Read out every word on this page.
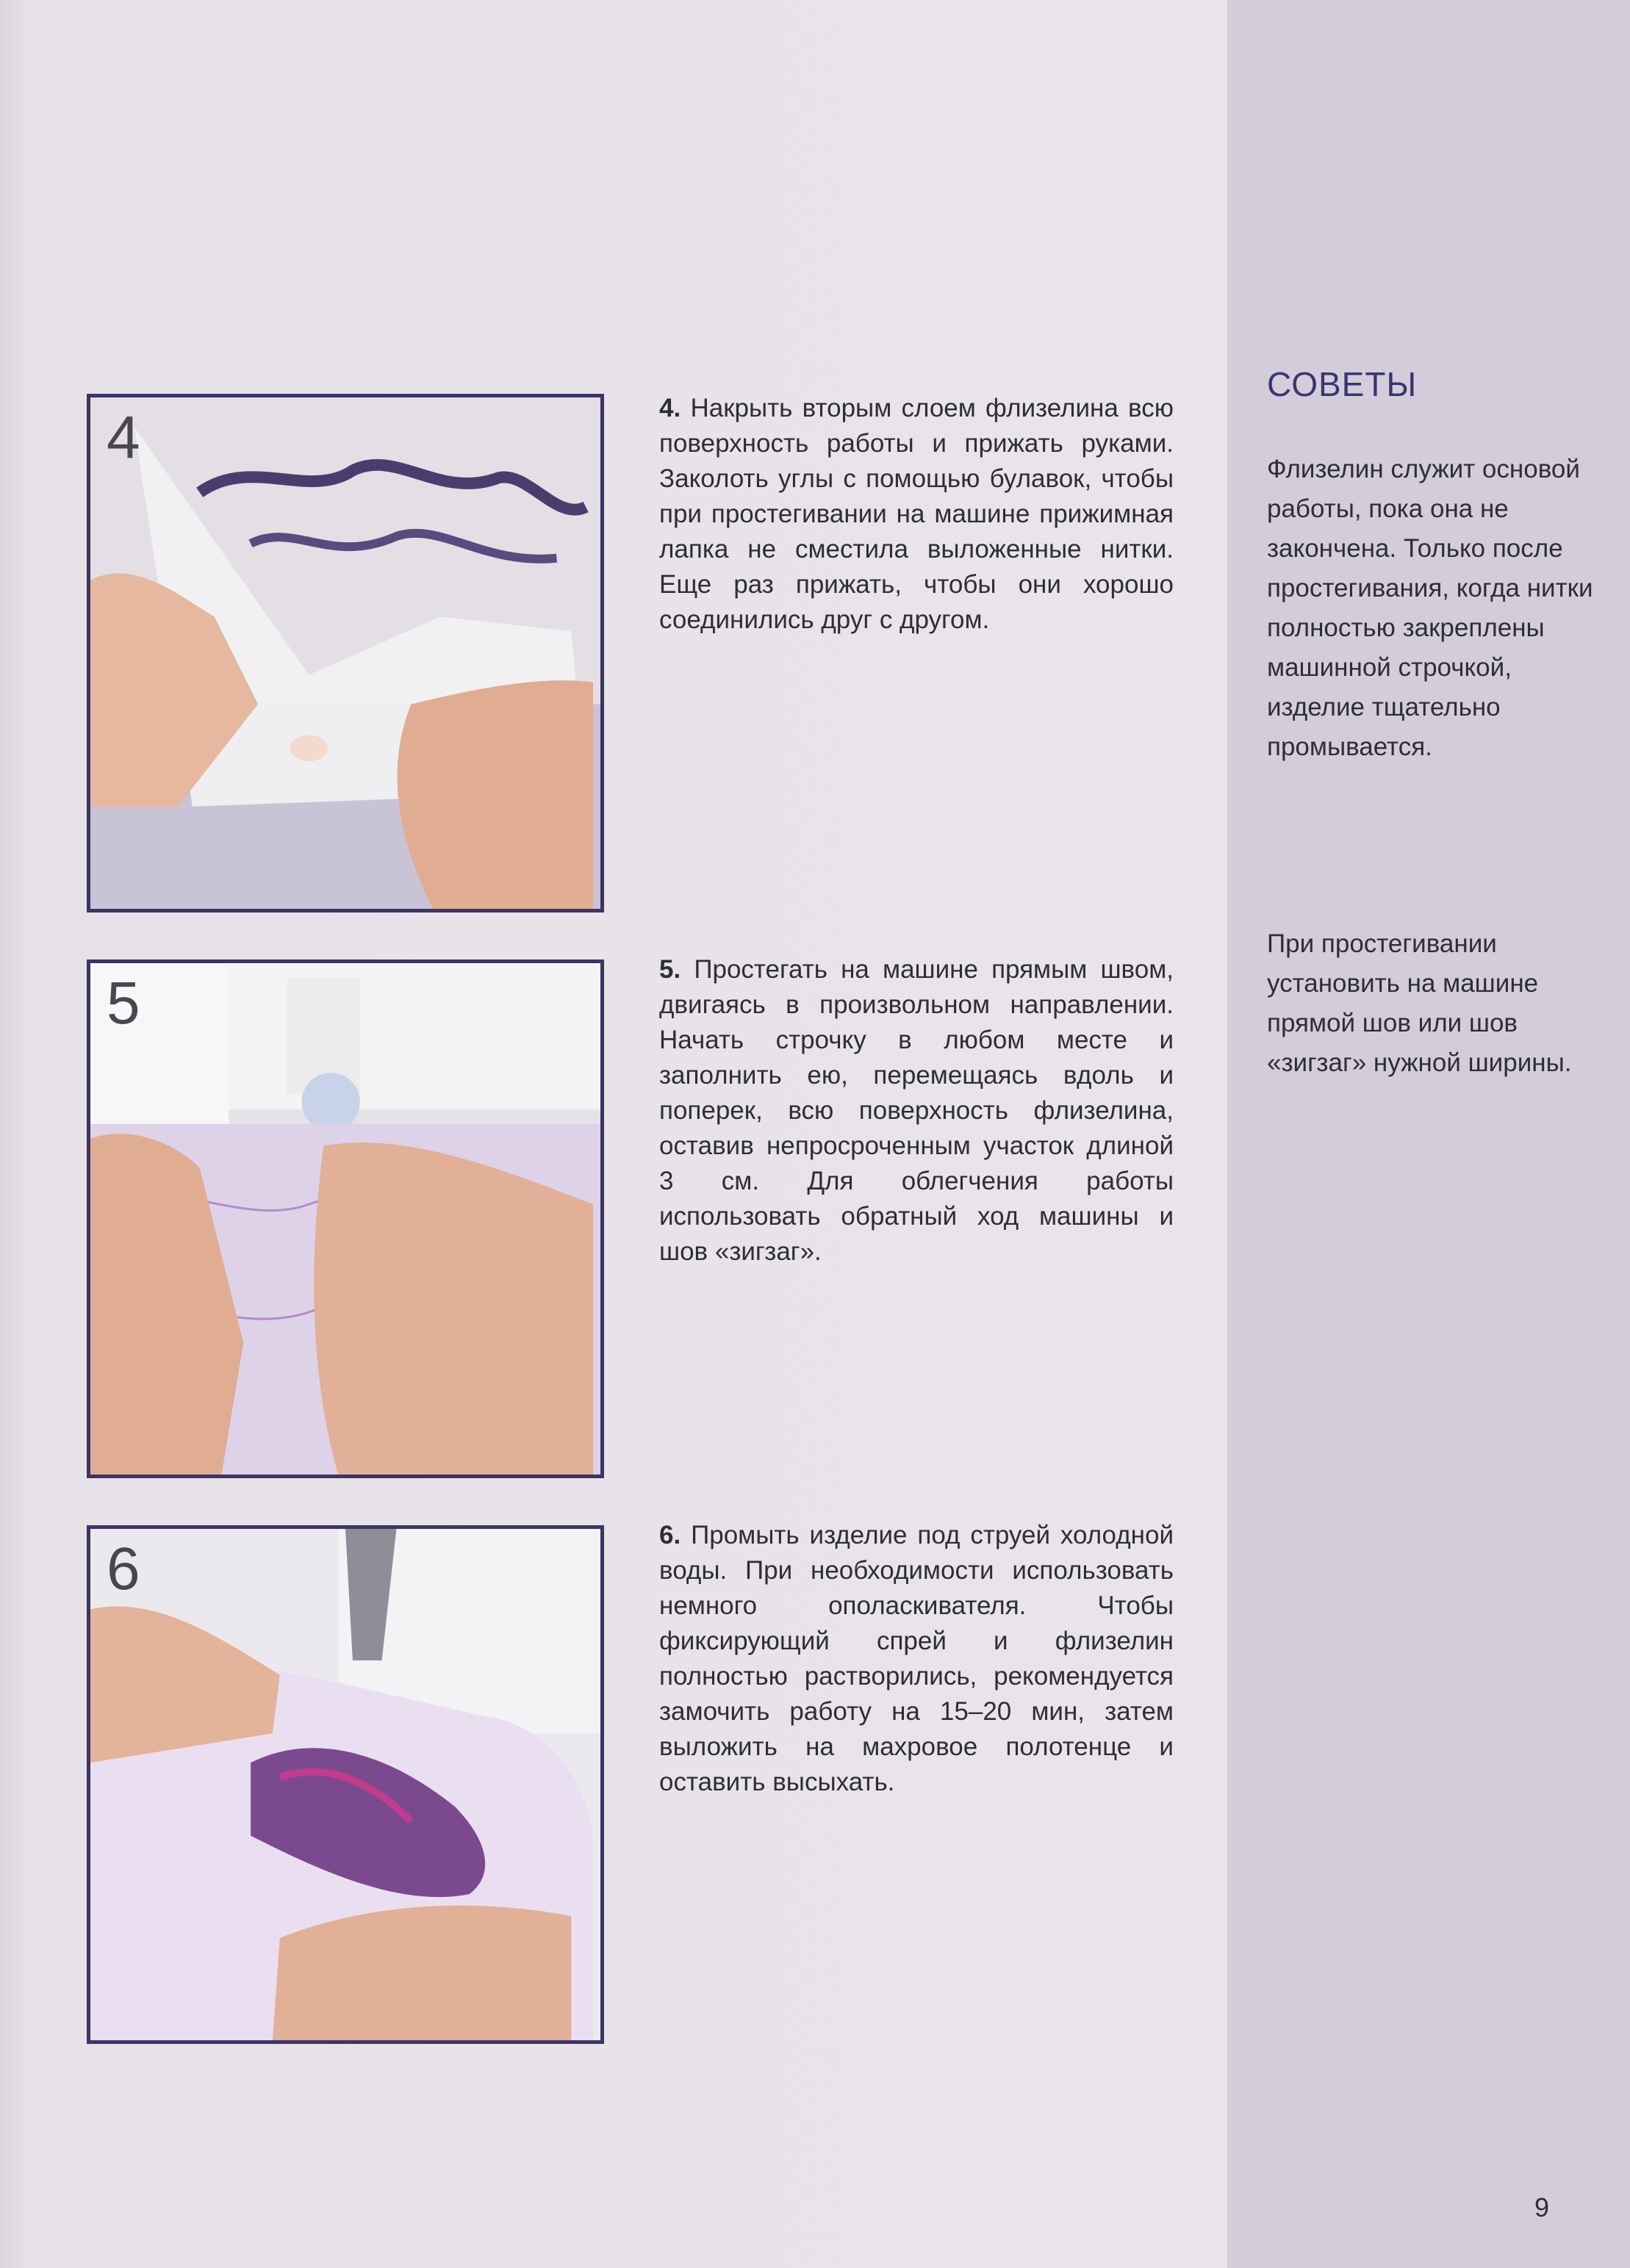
4	4. Накрыть вторым слоем флизелина всю поверхность работы и прижать руками. Заколоть углы с помощью булавок, чтобы при простегивании на машине прижимная лапка не сместила выложенные нитки. Еще раз прижать, чтобы они хорошо соединились друг с другом.

5

5. Простегать на машине прямым швом, двигаясь в произвольном направлении. Начать строчку в любом месте и заполнить ею, перемещаясь вдоль и поперек, всю поверхность флизелина, оставив непросроченным участок длиной 3 см. Для облегчения работы использовать обратный ход машины и шов «зигзаг».

6

6. Промыть изделие под струей холодной воды. При необходимости использовать немного ополаскивателя. Чтобы фиксирующий спрей и флизелин полностью растворились, рекомендуется замочить работу на 15–20 мин, затем выложить на махровое полотенце и оставить высыхать.

СОВЕТЫ

Флизелин служит основой работы, пока она не закончена. Только после простегивания, когда нитки полностью закреплены машинной строчкой, изделие тщательно промывается.

При простегивании установить на машине прямой шов или шов «зигзаг» нужной ширины.

9
